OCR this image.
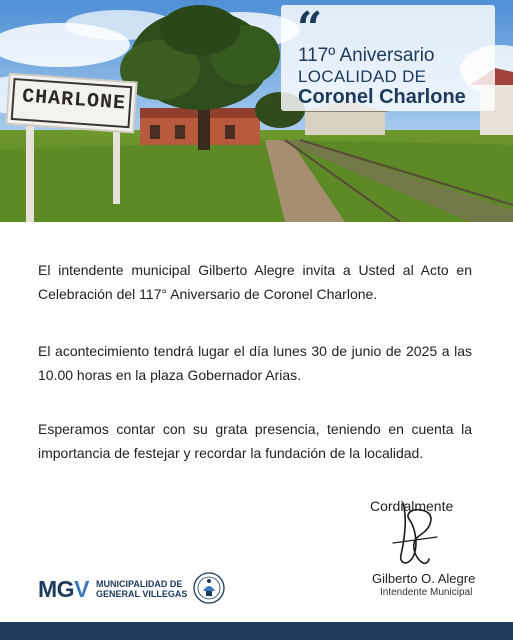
CHARLONE
“
117º Aniversario
LOCALIDAD DE
Coronel Charlone
El intendente municipal Gilberto Alegre invita a Usted al Acto en
Celebración del 117° Aniversario de Coronel Charlone.
El acontecimiento tendrá lugar el día lunes 30 de junio de 2025 a las
10.00 horas en la plaza Gobernador Arias.
Esperamos contar con su grata presencia, teniendo en cuenta la
importancia de festejar y recordar la fundación de la localidad.
Cordialmente
Gilberto O. Alegre
Intendente Municipal
MGV MUNICIPALIDAD DE
GENERAL VILLEGAS
